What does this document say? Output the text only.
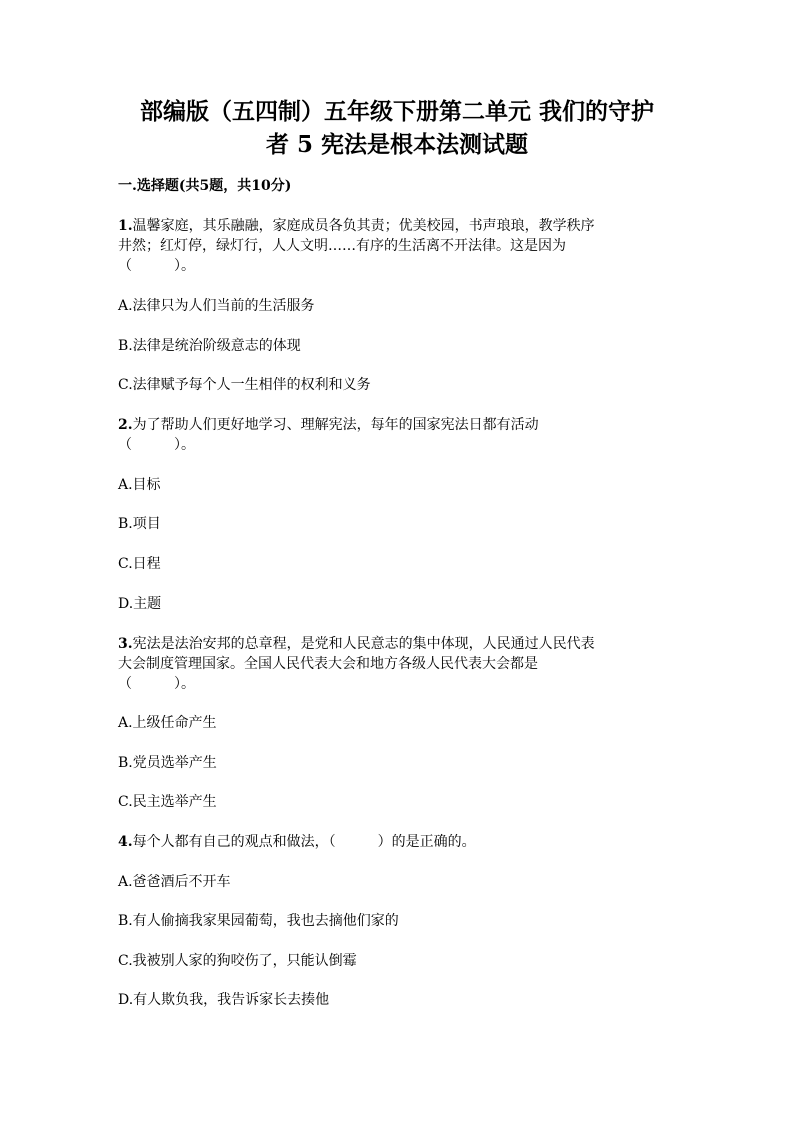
部编版（五四制）五年级下册第二单元 我们的守护
者 5 宪法是根本法测试题
一.选择题(共5题，共10分)
1.温馨家庭，其乐融融，家庭成员各负其责；优美校园，书声琅琅，教学秩序
井然；红灯停，绿灯行，人人文明……有序的生活离不开法律。这是因为
（　　　）。
A.法律只为人们当前的生活服务
B.法律是统治阶级意志的体现
C.法律赋予每个人一生相伴的权利和义务
2.为了帮助人们更好地学习、理解宪法，每年的国家宪法日都有活动
（　　　）。
A.目标
B.项目
C.日程
D.主题
3.宪法是法治安邦的总章程，是党和人民意志的集中体现，人民通过人民代表
大会制度管理国家。全国人民代表大会和地方各级人民代表大会都是
（　　　）。
A.上级任命产生
B.党员选举产生
C.民主选举产生
4.每个人都有自己的观点和做法，（　　　）的是正确的。
A.爸爸酒后不开车
B.有人偷摘我家果园葡萄，我也去摘他们家的
C.我被别人家的狗咬伤了，只能认倒霉
D.有人欺负我，我告诉家长去揍他
